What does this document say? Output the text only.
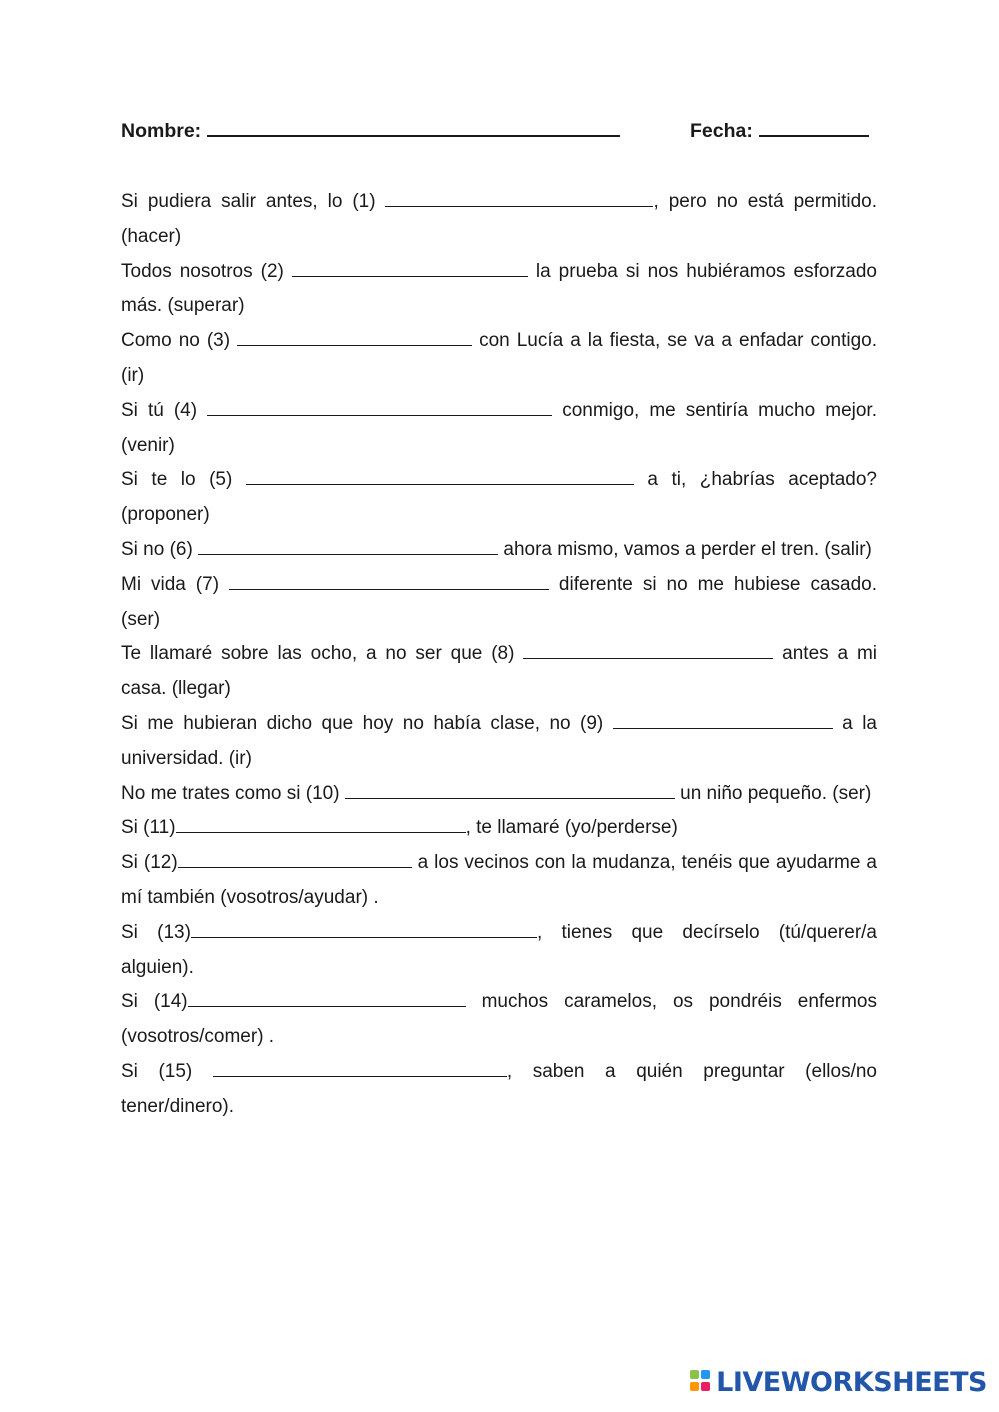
Nombre:	Fecha:
Si pudiera salir antes, lo (1)	, pero no está permitido. (hacer)
Todos nosotros (2)	la prueba si nos hubiéramos esforzado más. (superar)
Como no (3)	con Lucía a la fiesta, se va a enfadar contigo. (ir)
Si tú (4)	conmigo, me sentiría mucho mejor. (venir)
Si te lo (5)	a ti, ¿habrías aceptado? (proponer)
Si no (6)	ahora mismo, vamos a perder el tren. (salir)
Mi vida (7)	diferente si no me hubiese casado. (ser)
Te llamaré sobre las ocho, a no ser que (8)	antes a mi casa. (llegar)
Si me hubieran dicho que hoy no había clase, no (9)	a la universidad. (ir)
No me trates como si (10)	un niño pequeño. (ser)
Si (11)	, te llamaré (yo/perderse)
Si (12)	a los vecinos con la mudanza, tenéis que ayudarme a mí también (vosotros/ayudar) .
Si (13)	, tienes que decírselo (tú/querer/a alguien).
Si (14)	muchos caramelos, os pondréis enfermos (vosotros/comer) .
Si (15)	, saben a quién preguntar (ellos/no tener/dinero).
LIVEWORKSHEETS
